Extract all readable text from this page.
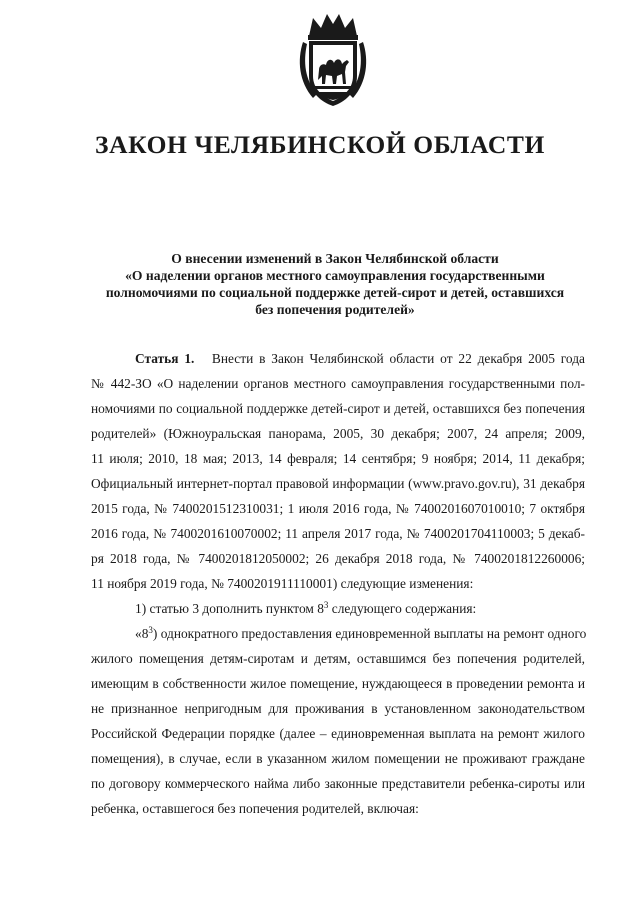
ЗАКОН ЧЕЛЯБИНСКОЙ ОБЛАСТИ
О внесении изменений в Закон Челябинской области
«О наделении органов местного самоуправления государственными
полномочиями по социальной поддержке детей-сирот и детей, оставшихся
без попечения родителей»
Статья 1. Внести в Закон Челябинской области от 22 декабря 2005 года
№ 442-ЗО «О наделении органов местного самоуправления государственными пол-
номочиями по социальной поддержке детей-сирот и детей, оставшихся без попечения
родителей» (Южноуральская панорама, 2005, 30 декабря; 2007, 24 апреля; 2009,
11 июля; 2010, 18 мая; 2013, 14 февраля; 14 сентября; 9 ноября; 2014, 11 декабря;
Официальный интернет-портал правовой информации (www.pravo.gov.ru), 31 декабря
2015 года, № 7400201512310031; 1 июля 2016 года, № 7400201607010010; 7 октября
2016 года, № 7400201610070002; 11 апреля 2017 года, № 7400201704110003; 5 декаб-
ря 2018 года, № 7400201812050002; 26 декабря 2018 года, № 7400201812260006;
11 ноября 2019 года, № 7400201911110001) следующие изменения:
1) статью 3 дополнить пунктом $8^3$ следующего содержания:
«$8^3$) однократного предоставления единовременной выплаты на ремонт одного
жилого помещения детям-сиротам и детям, оставшимся без попечения родителей,
имеющим в собственности жилое помещение, нуждающееся в проведении ремонта и
не признанное непригодным для проживания в установленном законодательством
Российской Федерации порядке (далее – единовременная выплата на ремонт жилого
помещения), в случае, если в указанном жилом помещении не проживают граждане
по договору коммерческого найма либо законные представители ребенка-сироты или
ребенка, оставшегося без попечения родителей, включая:
